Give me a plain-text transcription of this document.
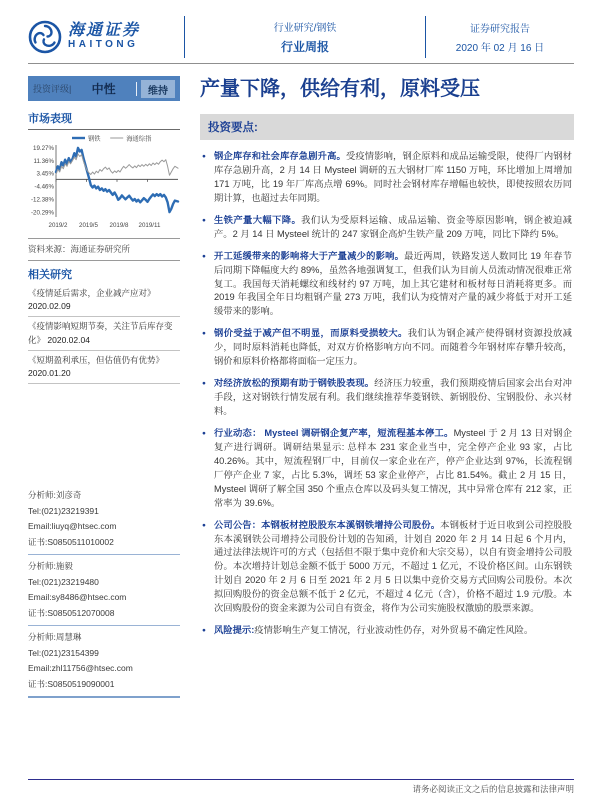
海通证券
HAITONG
行业研究/钢铁
行业周报
证券研究报告
2020 年 02 月 16 日
投资评级|	中性	维持
市场表现
钢铁	海通综指
19.27%
11.36%
3.45%
-4.46%
-12.38%
-20.29%
2019/2 2019/5 2019/8 2019/11
资料来源：海通证券研究所
相关研究
《疫情延后需求，企业减产应对》 2020.02.09
《疫情影响短期节奏，关注节后库存变化》 2020.02.04
《短期盈利承压，但估值仍有优势》 2020.01.20
分析师:刘彦奇
Tel:(021)23219391
Email:liuyq@htsec.com
证书:S0850511010002
分析师:施毅
Tel:(021)23219480
Email:sy8486@htsec.com
证书:S0850512070008
分析师:周慧琳
Tel:(021)23154399
Email:zhl11756@htsec.com
证书:S0850519090001
产量下降，供给有利，原料受压
投资要点:
● 钢企库存和社会库存急剧升高。受疫情影响，钢企原料和成品运输受限，使得厂内钢材库存急剧升高，2 月 14 日 Mysteel 调研的五大钢材厂库 1150 万吨，环比增加上周增加 171 万吨，比 19 年厂库高点增 69%。同时社会钢材库存增幅也较快，即使按照农历同期计算，也超过去年同期。
● 生铁产量大幅下降。我们认为受原料运输、成品运输、资金等原因影响，钢企被迫减产。2 月 14 日 Mysteel 统计的 247 家钢企高炉生铁产量 209 万吨，同比下降约 5%。
● 开工延缓带来的影响将大于产量减少的影响。最近两周，铁路发送人数同比 19 年春节后同期下降幅度大约 89%，虽然各地强调复工，但我们认为目前人员流动情况很难正常复工。我国每天消耗螺纹和线材约 97 万吨，加上其它建材和板材每日消耗将更多。而 2019 年我国全年日均粗钢产量 273 万吨，我们认为疫情对产量的减少将低于对开工延缓带来的影响。
● 钢价受益于减产但不明显，而原料受损较大。我们认为钢企减产使得钢材资源投放减少，同时原料消耗也降低，对双方价格影响方向不同。而随着今年钢材库存攀升较高，钢价和原料价格都将面临一定压力。
● 对经济放松的预期有助于钢铁股表现。经济压力较重，我们预期疫情后国家会出台对冲手段，这对钢铁行情发展有利。我们继续推荐华菱钢铁、新钢股份、宝钢股份、永兴材料。
● 行业动态： Mysteel 调研钢企复产率，短流程基本停工。Mysteel 于 2 月 13 日对钢企复产进行调研。调研结果显示: 总样本 231 家企业当中，完全停产企业 93 家，占比 40.26%。其中，短流程钢厂中，目前仅一家企业在产，停产企业达到 97%，长流程钢厂停产企业 7 家，占比 5.3%，调坯 53 家企业停产，占比 81.54%。截止 2 月 15 日，Mysteel 调研了解全国 350 个重点仓库以及码头复工情况，其中异常仓库有 212 家，正常率为 39.6%。
● 公司公告：本钢板材控股股东本溪钢铁增持公司股份。本钢板材于近日收到公司控股股东本溪钢铁公司增持公司股份计划的告知函，计划自 2020 年 2 月 14 日起 6 个月内，通过法律法规许可的方式（包括但不限于集中竞价和大宗交易），以自有资金增持公司股份。本次增持计划总金额不低于 5000 万元，不超过 1 亿元，不设价格区间。山东钢铁计划自 2020 年 2 月 6 日至 2021 年 2 月 5 日以集中竞价交易方式回购公司股份。本次拟回购股份的资金总额不低于 2 亿元，不超过 4 亿元（含），价格不超过 1.9 元/股。本次回购股份的资金来源为公司自有资金，将作为公司实施股权激励的股票来源。
● 风险提示:疫情影响生产复工情况，行业波动性仍存，对外贸易不确定性风险。
请务必阅读正文之后的信息披露和法律声明
